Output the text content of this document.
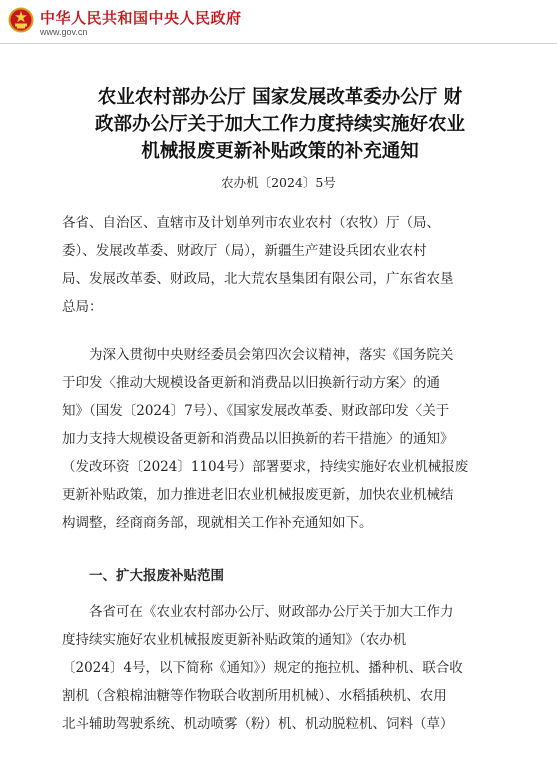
中华人民共和国中央人民政府
www.gov.cn
农业农村部办公厅 国家发展改革委办公厅 财
政部办公厅关于加大工作力度持续实施好农业
机械报废更新补贴政策的补充通知
农办机〔2024〕5号
各省、自治区、直辖市及计划单列市农业农村（农牧）厅（局、
委）、发展改革委、财政厅（局），新疆生产建设兵团农业农村
局、发展改革委、财政局，北大荒农垦集团有限公司，广东省农垦
总局：
　　为深入贯彻中央财经委员会第四次会议精神，落实《国务院关
于印发〈推动大规模设备更新和消费品以旧换新行动方案〉的通
知》（国发〔2024〕7号）、《国家发展改革委、财政部印发〈关于
加力支持大规模设备更新和消费品以旧换新的若干措施〉的通知》
（发改环资〔2024〕1104号）部署要求，持续实施好农业机械报废
更新补贴政策，加力推进老旧农业机械报废更新，加快农业机械结
构调整，经商商务部，现就相关工作补充通知如下。
　　一、扩大报废补贴范围
　　各省可在《农业农村部办公厅、财政部办公厅关于加大工作力
度持续实施好农业机械报废更新补贴政策的通知》（农办机
〔2024〕4号，以下简称《通知》）规定的拖拉机、播种机、联合收
割机（含粮棉油糖等作物联合收割所用机械）、水稻插秧机、农用
北斗辅助驾驶系统、机动喷雾（粉）机、机动脱粒机、饲料（草）
